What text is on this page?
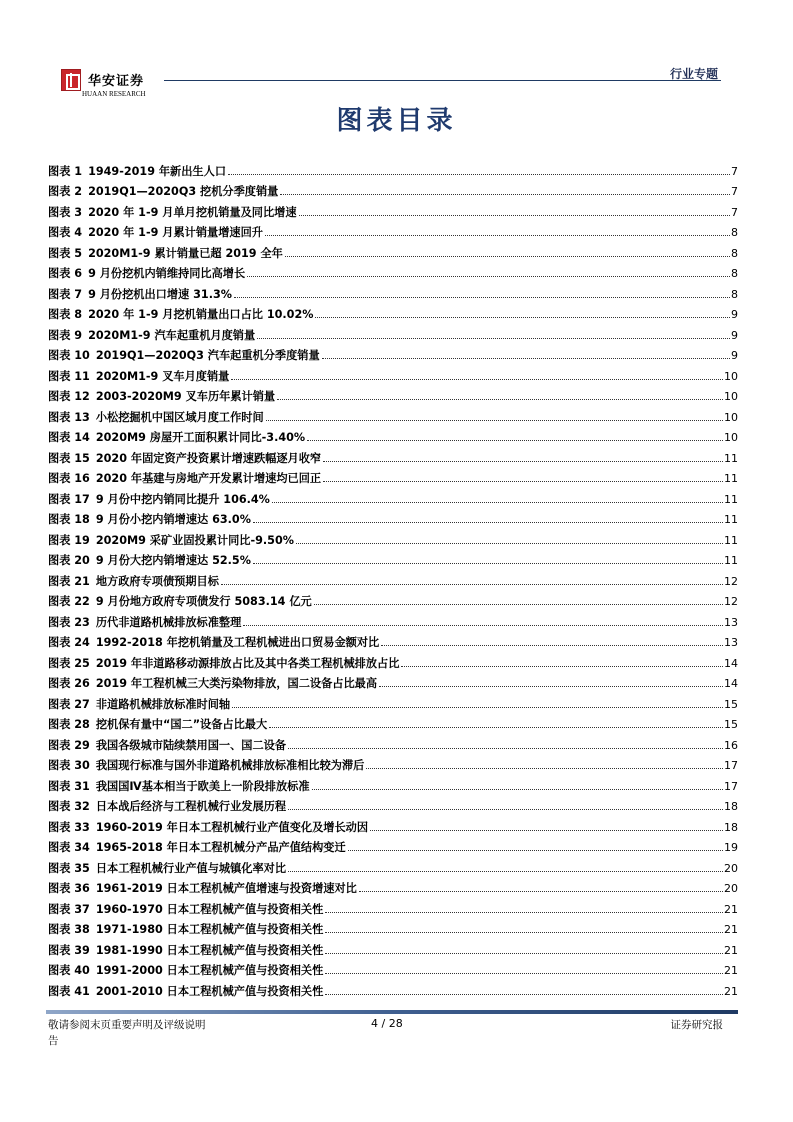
华安证券
HUAAN RESEARCH
行业专题
图表目录
图表 1 1949-2019 年新出生人口	7
图表 2 2019Q1—2020Q3 挖机分季度销量	7
图表 3 2020 年 1-9 月单月挖机销量及同比增速	7
图表 4 2020 年 1-9 月累计销量增速回升	8
图表 5 2020M1-9 累计销量已超 2019 全年	8
图表 6 9 月份挖机内销维持同比高增长	8
图表 7 9 月份挖机出口增速 31.3%	8
图表 8 2020 年 1-9 月挖机销量出口占比 10.02%	9
图表 9 2020M1-9 汽车起重机月度销量	9
图表 10 2019Q1—2020Q3 汽车起重机分季度销量	9
图表 11 2020M1-9 叉车月度销量	10
图表 12 2003-2020M9 叉车历年累计销量	10
图表 13 小松挖掘机中国区域月度工作时间	10
图表 14 2020M9 房屋开工面积累计同比-3.40%	10
图表 15 2020 年固定资产投资累计增速跌幅逐月收窄	11
图表 16 2020 年基建与房地产开发累计增速均已回正	11
图表 17 9 月份中挖内销同比提升 106.4%	11
图表 18 9 月份小挖内销增速达 63.0%	11
图表 19 2020M9 采矿业固投累计同比-9.50%	11
图表 20 9 月份大挖内销增速达 52.5%	11
图表 21 地方政府专项债预期目标	12
图表 22 9 月份地方政府专项债发行 5083.14 亿元	12
图表 23 历代非道路机械排放标准整理	13
图表 24 1992-2018 年挖机销量及工程机械进出口贸易金额对比	13
图表 25 2019 年非道路移动源排放占比及其中各类工程机械排放占比	14
图表 26 2019 年工程机械三大类污染物排放，国二设备占比最高	14
图表 27 非道路机械排放标准时间轴	15
图表 28 挖机保有量中“国二”设备占比最大	15
图表 29 我国各级城市陆续禁用国一、国二设备	16
图表 30 我国现行标准与国外非道路机械排放标准相比较为滞后	17
图表 31 我国国Ⅳ基本相当于欧美上一阶段排放标准	17
图表 32 日本战后经济与工程机械行业发展历程	18
图表 33 1960-2019 年日本工程机械行业产值变化及增长动因	18
图表 34 1965-2018 年日本工程机械分产品产值结构变迁	19
图表 35 日本工程机械行业产值与城镇化率对比	20
图表 36 1961-2019 日本工程机械产值增速与投资增速对比	20
图表 37 1960-1970 日本工程机械产值与投资相关性	21
图表 38 1971-1980 日本工程机械产值与投资相关性	21
图表 39 1981-1990 日本工程机械产值与投资相关性	21
图表 40 1991-2000 日本工程机械产值与投资相关性	21
图表 41 2001-2010 日本工程机械产值与投资相关性	21
敬请参阅末页重要声明及评级说明
告
4 / 28	证券研究报
